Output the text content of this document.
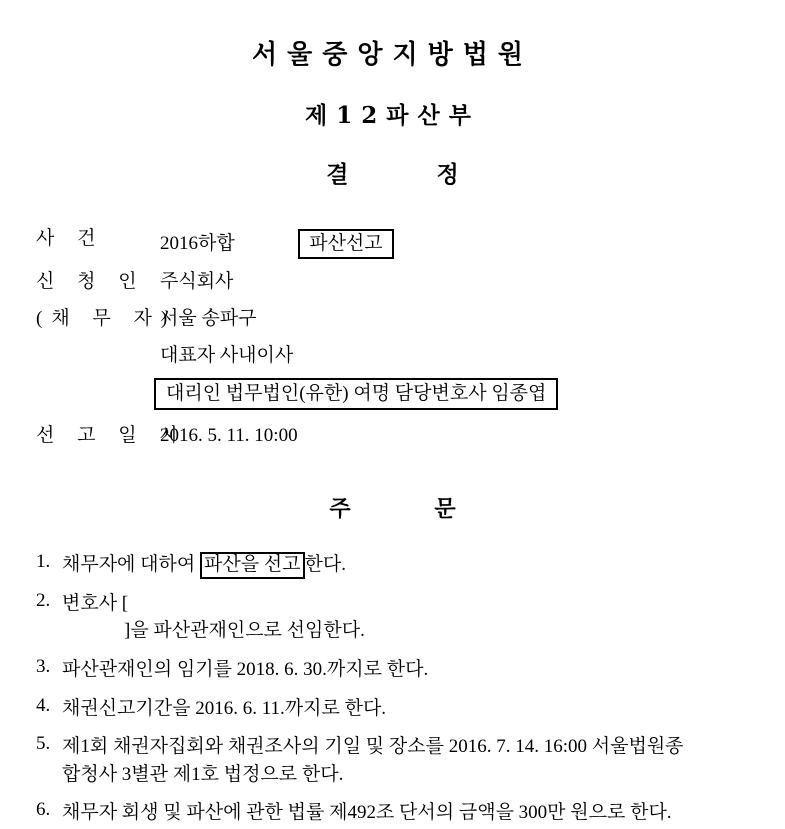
서울중앙지방법원
제12파산부
결 정
사 건	2016하합	파산선고
신 청 인 주식회사
(채 무 자)
서울 송파구
대표자 사내이사
대리인 법무법인(유한) 여명 담당변호사 임종엽
선 고 일 시
2016. 5. 11. 10:00
주 문
1. 채무자에 대하여 파산을 선고 한다.
2. 변호사 [
]을 파산관재인으로 선임한다.
3. 파산관재인의 임기를 2018. 6. 30.까지로 한다.
4. 채권신고기간을 2016. 6. 11.까지로 한다.
5. 제1회 채권자집회와 채권조사의 기일 및 장소를 2016. 7. 14. 16:00 서울법원종
합청사 3별관 제1호 법정으로 한다.
6. 채무자 회생 및 파산에 관한 법률 제492조 단서의 금액을 300만 원으로 한다.
